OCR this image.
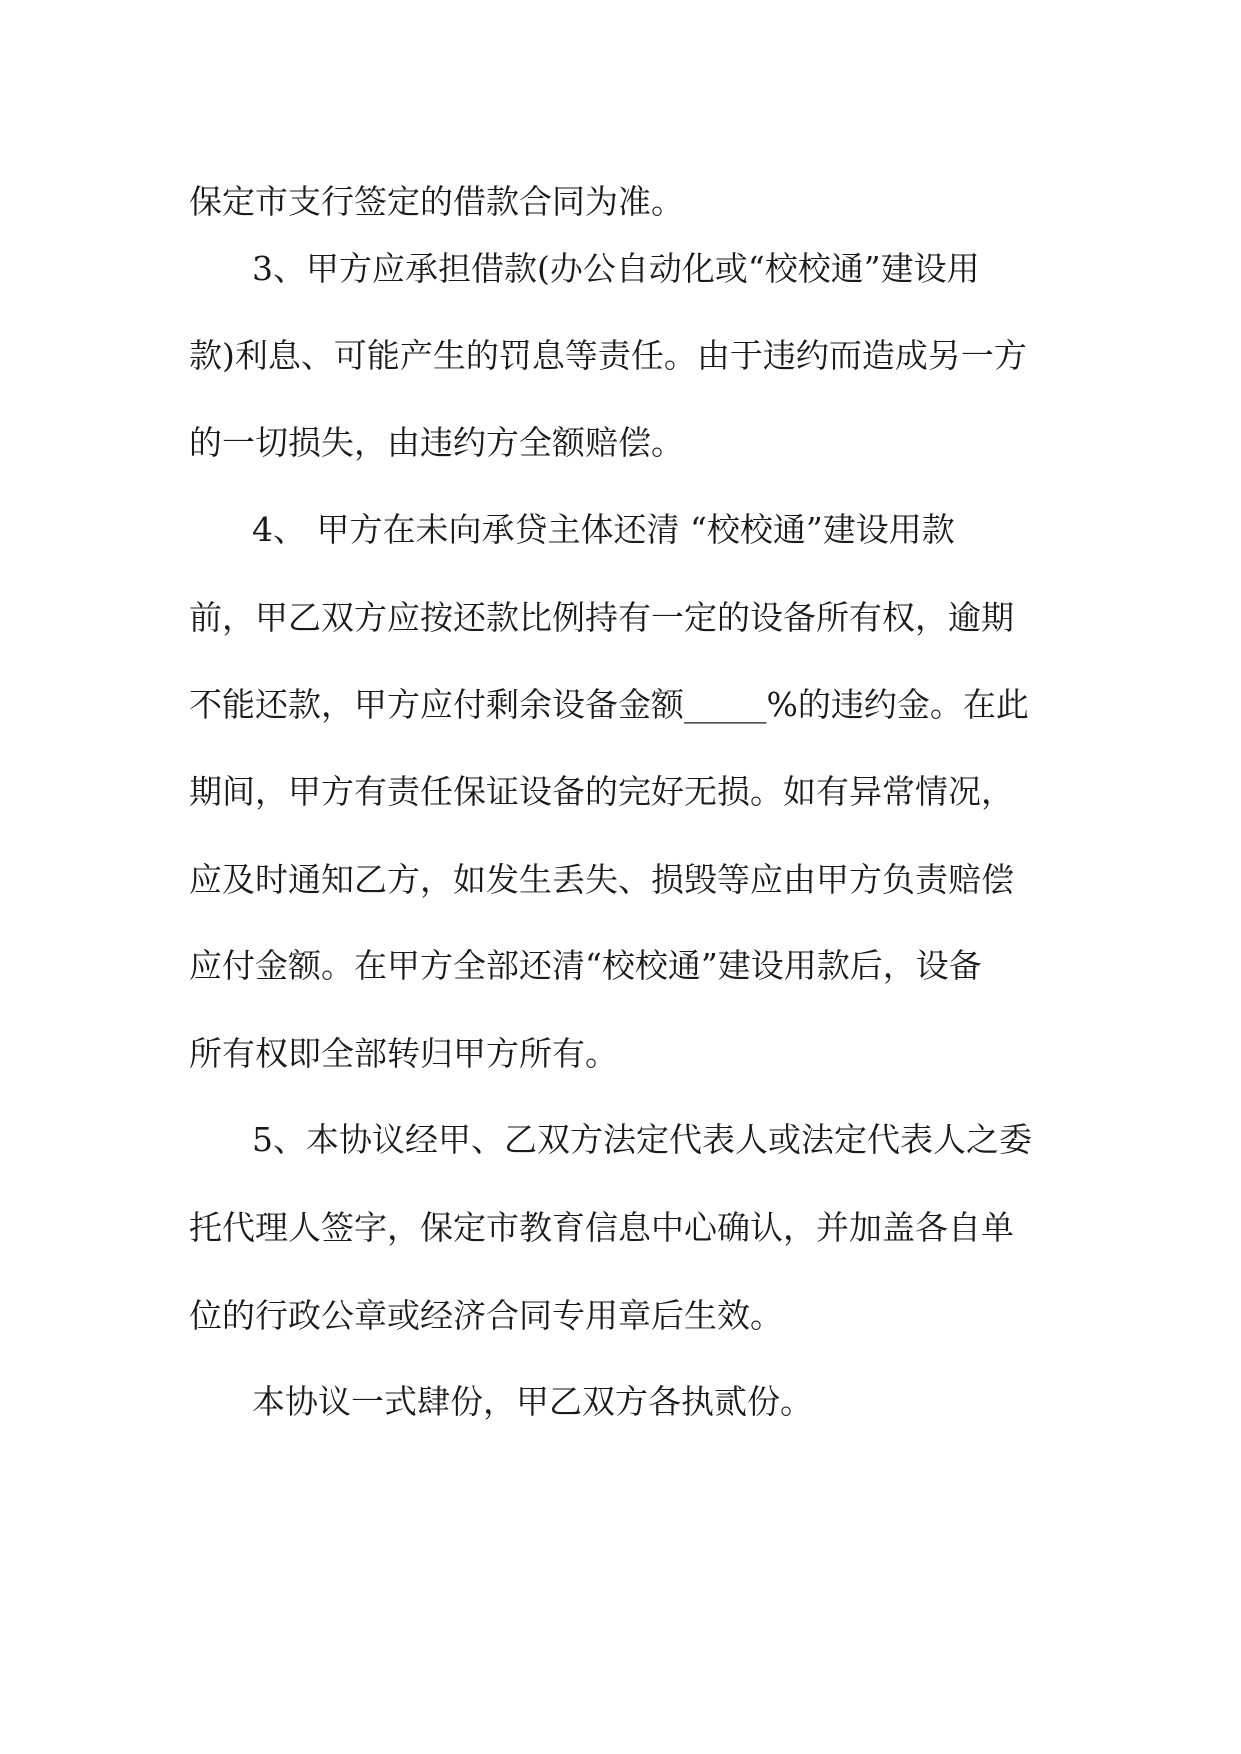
保定市支行签定的借款合同为准。

3、甲方应承担借款(办公自动化或“校校通”建设用

款)利息、可能产生的罚息等责任。由于违约而造成另一方

的一切损失，由违约方全额赔偿。

4、 甲方在未向承贷主体还清 “校校通”建设用款

前，甲乙双方应按还款比例持有一定的设备所有权，逾期

不能还款，甲方应付剩余设备金额_____%的违约金。在此

期间，甲方有责任保证设备的完好无损。如有异常情况，

应及时通知乙方，如发生丢失、损毁等应由甲方负责赔偿

应付金额。在甲方全部还清“校校通”建设用款后，设备

所有权即全部转归甲方所有。

5、本协议经甲、乙双方法定代表人或法定代表人之委

托代理人签字，保定市教育信息中心确认，并加盖各自单

位的行政公章或经济合同专用章后生效。

本协议一式肆份，甲乙双方各执贰份。
